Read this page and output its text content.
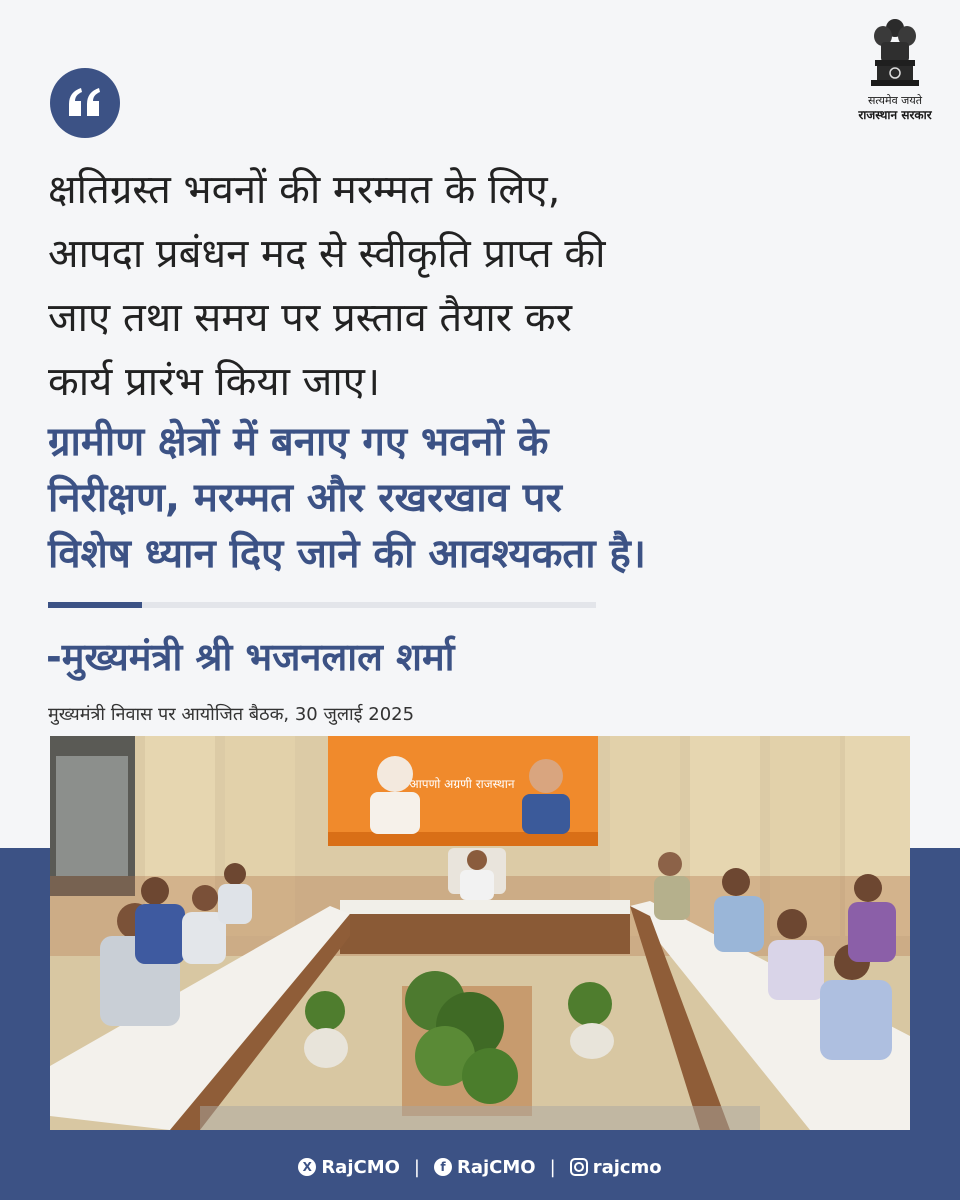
सत्यमेव जयते
राजस्थान सरकार
क्षतिग्रस्त भवनों की मरम्मत के लिए,
आपदा प्रबंधन मद से स्वीकृति प्राप्त की
जाए तथा समय पर प्रस्ताव तैयार कर
कार्य प्रारंभ किया जाए।
ग्रामीण क्षेत्रों में बनाए गए भवनों के
निरीक्षण, मरम्मत और रखरखाव पर
विशेष ध्यान दिए जाने की आवश्यकता है।
-मुख्यमंत्री श्री भजनलाल शर्मा
मुख्यमंत्री निवास पर आयोजित बैठक, 30 जुलाई 2025
आपणो अग्रणी राजस्थान
X RajCMO |	f RajCMO | rajcmo
